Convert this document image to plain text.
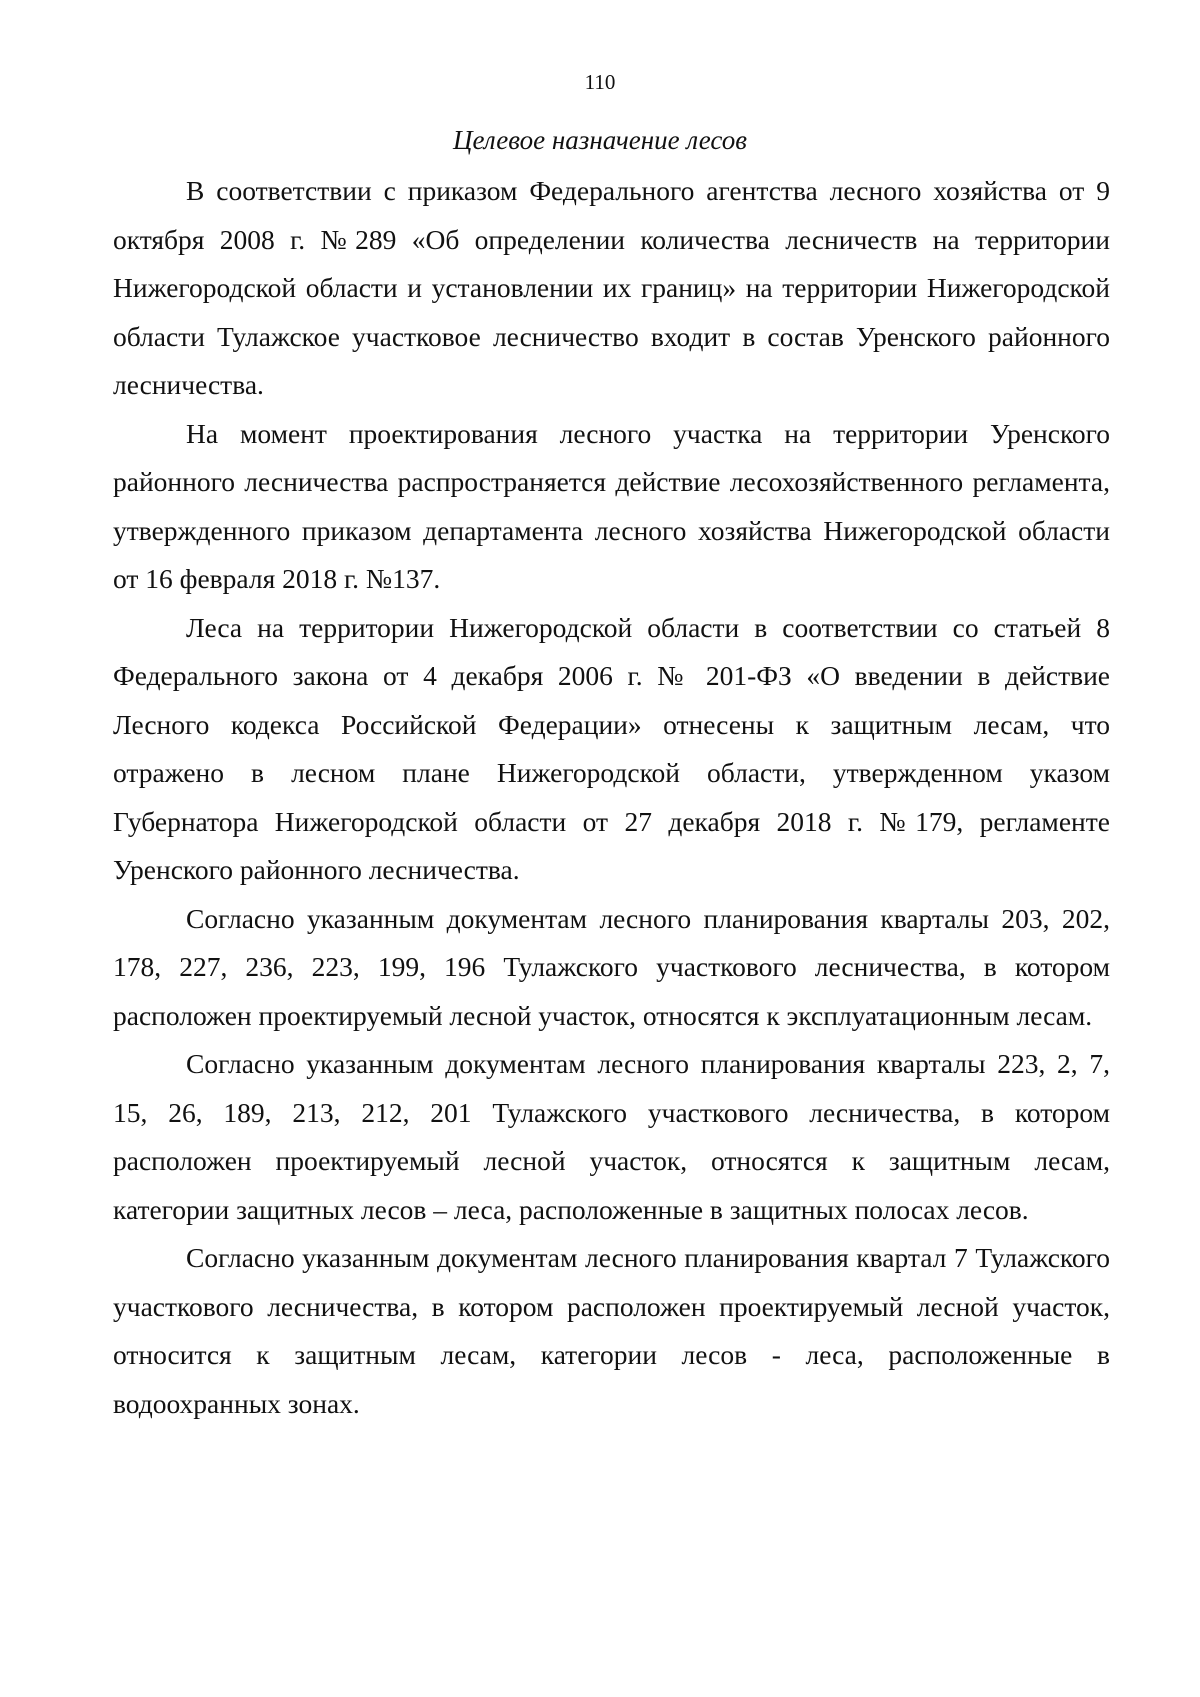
110
Целевое назначение лесов

В соответствии с приказом Федерального агентства лесного хозяйства от 9 октября 2008 г. №289 «Об определении количества лесничеств на территории Нижегородской области и установлении их границ» на территории Нижегородской области Тулажское участковое лесничество входит в состав Уренского районного лесничества.

На момент проектирования лесного участка на территории Уренского районного лесничества распространяется действие лесохозяйственного регламента, утвержденного приказом департамента лесного хозяйства Нижегородской области от 16 февраля 2018 г. №137.

Леса на территории Нижегородской области в соответствии со статьей 8 Федерального закона от 4 декабря 2006 г. № 201-ФЗ «О введении в действие Лесного кодекса Российской Федерации» отнесены к защитным лесам, что отражено в лесном плане Нижегородской области, утвержденном указом Губернатора Нижегородской области от 27 декабря 2018 г. №179, регламенте Уренского районного лесничества.

Согласно указанным документам лесного планирования кварталы 203, 202, 178, 227, 236, 223, 199, 196 Тулажского участкового лесничества, в котором расположен проектируемый лесной участок, относятся к эксплуатационным лесам.

Согласно указанным документам лесного планирования кварталы 223, 2, 7, 15, 26, 189, 213, 212, 201 Тулажского участкового лесничества, в котором расположен проектируемый лесной участок, относятся к защитным лесам, категории защитных лесов – леса, расположенные в защитных полосах лесов.

Согласно указанным документам лесного планирования квартал 7 Тулажского участкового лесничества, в котором расположен проектируемый лесной участок, относится к защитным лесам, категории лесов - леса, расположенные в водоохранных зонах.
